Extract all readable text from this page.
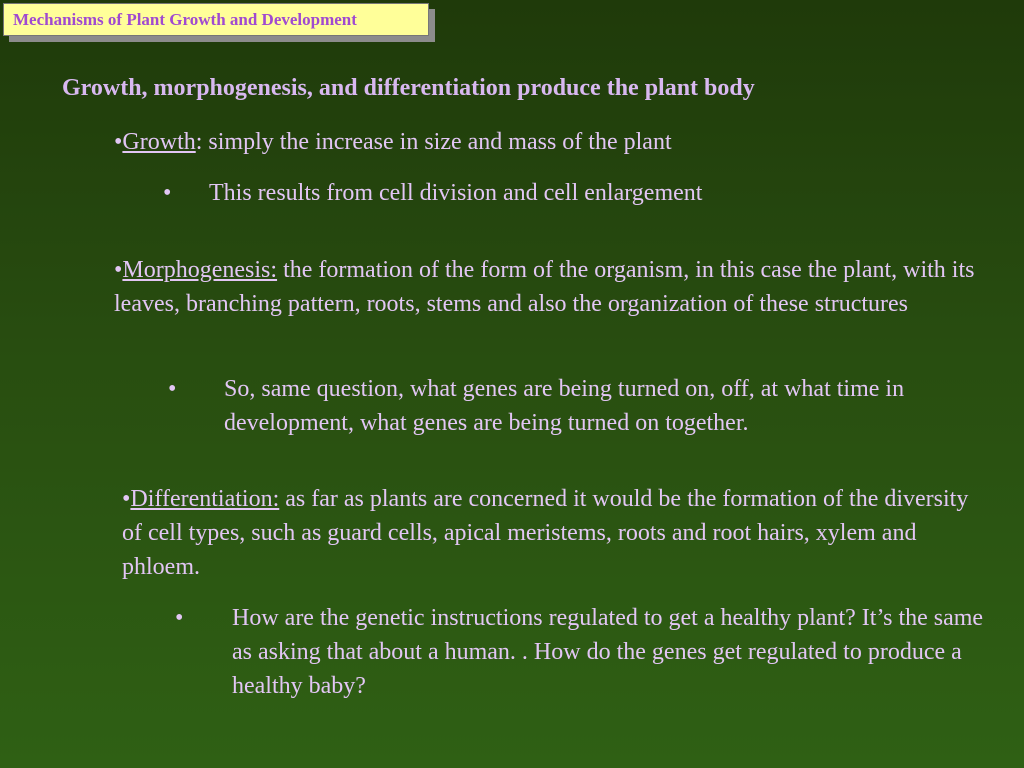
Mechanisms of Plant Growth and Development
Growth, morphogenesis, and differentiation produce the plant body
•Growth: simply the increase in size and mass of the plant
• This results from cell division and cell enlargement
•Morphogenesis: the formation of the form of the organism, in this case the plant, with its leaves, branching pattern, roots, stems and also the organization of these structures
• So, same question, what genes are being turned on, off, at what time in development, what genes are being turned on together.
•Differentiation: as far as plants are concerned it would be the formation of the diversity of cell types, such as guard cells, apical meristems, roots and root hairs, xylem and phloem.
• How are the genetic instructions regulated to get a healthy plant? It’s the same as asking that about a human. . How do the genes get regulated to produce a healthy baby?
